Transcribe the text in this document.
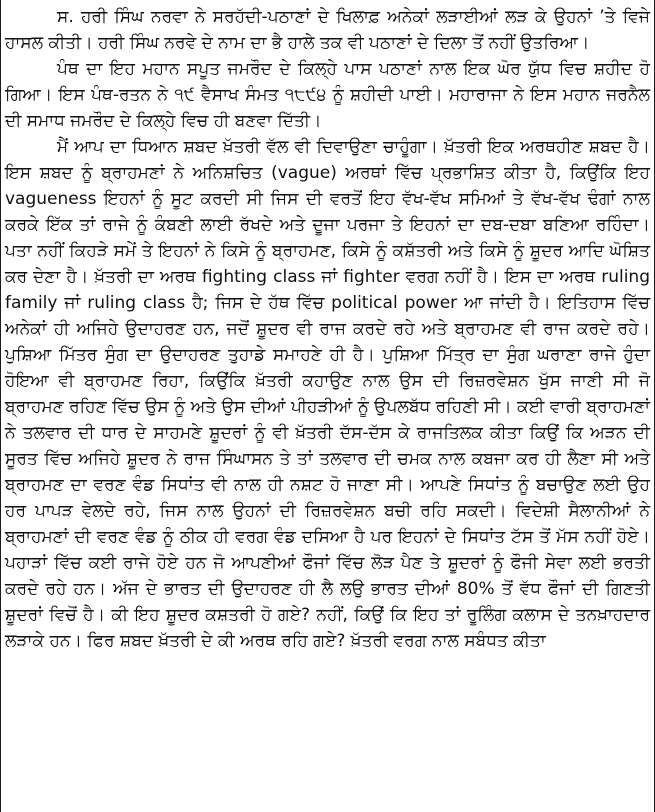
ਸ. ਹਰੀ ਸਿੰਘ ਨਰਵਾ ਨੇ ਸਰਹੱਦੀ-ਪਠਾਣਾਂ ਦੇ ਖਿਲਾਫ਼ ਅਨੇਕਾਂ ਲੜਾਈਆਂ ਲੜ ਕੇ ਉਹਨਾਂ ’ਤੇ ਵਿਜੇ ਹਾਸਲ ਕੀਤੀ। ਹਰੀ ਸਿੰਘ ਨਰਵੇ ਦੇ ਨਾਮ ਦਾ ਭੈ ਹਾਲੇ ਤਕ ਵੀ ਪਠਾਣਾਂ ਦੇ ਦਿਲਾ ਤੋਂ ਨਹੀਂ ਉਤਰਿਆ।

ਪੰਥ ਦਾ ਇਹ ਮਹਾਨ ਸਪੂਤ ਜਮਰੌਦ ਦੇ ਕਿਲ੍ਹੇ ਪਾਸ ਪਠਾਣਾਂ ਨਾਲ ਇਕ ਘੋਰ ਯੁੱਧ ਵਿਚ ਸ਼ਹੀਦ ਹੋ ਗਿਆ। ਇਸ ਪੰਥ-ਰਤਨ ਨੇ ੧੯ ਵੈਸਾਖ ਸੰਮਤ ੧੮੯੪ ਨੂੰ ਸ਼ਹੀਦੀ ਪਾਈ। ਮਹਾਰਾਜਾ ਨੇ ਇਸ ਮਹਾਨ ਜਰਨੈਲ ਦੀ ਸਮਾਧ ਜਮਰੌਦ ਦੇ ਕਿਲ੍ਹੇ ਵਿਚ ਹੀ ਬਣਵਾ ਦਿੱਤੀ।

ਮੈਂ ਆਪ ਦਾ ਧਿਆਨ ਸ਼ਬਦ ਖ਼ੱਤਰੀ ਵੱਲ ਵੀ ਦਿਵਾਉਣਾ ਚਾਹੂੰਗਾ। ਖ਼ੱਤਰੀ ਇਕ ਅਰਥਹੀਣ ਸ਼ਬਦ ਹੈ। ਇਸ ਸ਼ਬਦ ਨੂੰ ਬ੍ਰਾਹਮਣਾਂ ਨੇ ਅਨਿਸ਼ਚਿਤ (vague) ਅਰਥਾਂ ਵਿੱਚ ਪ੍ਰਭਾਸ਼ਿਤ ਕੀਤਾ ਹੈ, ਕਿਉਂਕਿ ਇਹ vagueness ਇਹਨਾਂ ਨੂੰ ਸੂਟ ਕਰਦੀ ਸੀ ਜਿਸ ਦੀ ਵਰਤੋਂ ਇਹ ਵੱਖ-ਵੱਖ ਸਮਿਆਂ ਤੇ ਵੱਖ-ਵੱਖ ਢੰਗਾਂ ਨਾਲ ਕਰਕੇ ਇੱਕ ਤਾਂ ਰਾਜੇ ਨੂੰ ਕੰਬਣੀ ਲਾਈ ਰੱਖਦੇ ਅਤੇ ਦੂਜਾ ਪਰਜਾ ਤੇ ਇਹਨਾਂ ਦਾ ਦਬ-ਦਬਾ ਬਣਿਆ ਰਹਿੰਦਾ। ਪਤਾ ਨਹੀਂ ਕਿਹੜੇ ਸਮੇਂ ਤੇ ਇਹਨਾਂ ਨੇ ਕਿਸੇ ਨੂੰ ਬ੍ਰਾਹਮਣ, ਕਿਸੇ ਨੂੰ ਕਸ਼ੱਤਰੀ ਅਤੇ ਕਿਸੇ ਨੂੰ ਸ਼ੂਦਰ ਆਦਿ ਘੋਸ਼ਿਤ ਕਰ ਦੇਣਾ ਹੈ। ਖ਼ੱਤਰੀ ਦਾ ਅਰਥ fighting class ਜਾਂ fighter ਵਰਗ ਨਹੀਂ ਹੈ। ਇਸ ਦਾ ਅਰਥ ruling family ਜਾਂ ruling class ਹੈ; ਜਿਸ ਦੇ ਹੱਥ ਵਿੱਚ political power ਆ ਜਾਂਦੀ ਹੈ। ਇਤਿਹਾਸ ਵਿੱਚ ਅਨੇਕਾਂ ਹੀ ਅਜਿਹੇ ਉਦਾਹਰਣ ਹਨ, ਜਦੋਂ ਸ਼ੂਦਰ ਵੀ ਰਾਜ ਕਰਦੇ ਰਹੇ ਅਤੇ ਬ੍ਰਾਹਮਣ ਵੀ ਰਾਜ ਕਰਦੇ ਰਹੇ। ਪੁਸ਼ਿਆ ਮਿੱਤਰ ਸੁੰਗ ਦਾ ਉਦਾਹਰਣ ਤੁਹਾਡੇ ਸਮਾਹਣੇ ਹੀ ਹੈ। ਪੁਸ਼ਿਆ ਮਿੱਤ੍ਰ ਦਾ ਸੁੰਗ ਘਰਾਣਾ ਰਾਜੇ ਹੁੰਦਾ ਹੋਇਆ ਵੀ ਬ੍ਰਾਹਮਣ ਰਿਹਾ, ਕਿਉਂਕਿ ਖ਼ੱਤਰੀ ਕਹਾਉਣ ਨਾਲ ਉਸ ਦੀ ਰਿਜ਼ਰਵੇਸ਼ਨ ਖੁੱਸ ਜਾਣੀ ਸੀ ਜੋ ਬ੍ਰਾਹਮਣ ਰਹਿਣ ਵਿੱਚ ਉਸ ਨੂੰ ਅਤੇ ਉਸ ਦੀਆਂ ਪੀਹੜੀਆਂ ਨੂੰ ਉਪਲਬੱਧ ਰਹਿਣੀ ਸੀ। ਕਈ ਵਾਰੀ ਬ੍ਰਾਹਮਣਾਂ ਨੇ ਤਲਵਾਰ ਦੀ ਧਾਰ ਦੇ ਸਾਹਮਣੇ ਸ਼ੂਦਰਾਂ ਨੂੰ ਵੀ ਖ਼ੱਤਰੀ ਦੱਸ-ਦੱਸ ਕੇ ਰਾਜਤਿਲਕ ਕੀਤਾ ਕਿਉਂ ਕਿ ਅੜਨ ਦੀ ਸੂਰਤ ਵਿੱਚ ਅਜਿਹੇ ਸ਼ੂਦਰ ਨੇ ਰਾਜ ਸਿੰਘਾਸਨ ਤੇ ਤਾਂ ਤਲਵਾਰ ਦੀ ਚਮਕ ਨਾਲ ਕਬਜਾ ਕਰ ਹੀ ਲੈਣਾ ਸੀ ਅਤੇ ਬ੍ਰਾਹਮਣ ਦਾ ਵਰਣ ਵੰਡ ਸਿਧਾਂਤ ਵੀ ਨਾਲ ਹੀ ਨਸ਼ਟ ਹੋ ਜਾਣਾ ਸੀ। ਆਪਣੇ ਸਿਧਾਂਤ ਨੂੰ ਬਚਾਉਣ ਲਈ ਉਹ ਹਰ ਪਾਪੜ ਵੇਲਦੇ ਰਹੇ, ਜਿਸ ਨਾਲ ਉਹਨਾਂ ਦੀ ਰਿਜ਼ਰਵੇਸ਼ਨ ਬਚੀ ਰਹਿ ਸਕਦੀ। ਵਿਦੇਸ਼ੀ ਸੈਲਾਨੀਆਂ ਨੇ ਬ੍ਰਾਹਮਣਾਂ ਦੀ ਵਰਣ ਵੰਡ ਨੂੰ ਠੀਕ ਹੀ ਵਰਗ ਵੰਡ ਦਸਿਆ ਹੈ ਪਰ ਇਹਨਾਂ ਦੇ ਸਿਧਾਂਤ ਟੱਸ ਤੋਂ ਮੱਸ ਨਹੀਂ ਹੋਏ। ਪਹਾੜਾਂ ਵਿੱਚ ਕਈ ਰਾਜੇ ਹੋਏ ਹਨ ਜੋ ਆਪਣੀਆਂ ਫੌਜਾਂ ਵਿੱਚ ਲੋੜ ਪੈਣ ਤੇ ਸ਼ੂਦਰਾਂ ਨੂੰ ਫੌਜੀ ਸੇਵਾ ਲਈ ਭਰਤੀ ਕਰਦੇ ਰਹੇ ਹਨ। ਅੱਜ ਦੇ ਭਾਰਤ ਦੀ ਉਦਾਹਰਣ ਹੀ ਲੈ ਲਉ ਭਾਰਤ ਦੀਆਂ 80% ਤੋਂ ਵੱਧ ਫੌਜਾਂ ਦੀ ਗਿਣਤੀ ਸ਼ੂਦਰਾਂ ਵਿਚੋਂ ਹੈ। ਕੀ ਇਹ ਸ਼ੂਦਰ ਕਸ਼ਤਰੀ ਹੋ ਗਏ? ਨਹੀਂ, ਕਿਉਂ ਕਿ ਇਹ ਤਾਂ ਰੂਲਿੰਗ ਕਲਾਸ ਦੇ ਤਨਖ਼ਾਹਦਾਰ ਲੜਾਕੇ ਹਨ। ਫਿਰ ਸ਼ਬਦ ਖ਼ੱਤਰੀ ਦੇ ਕੀ ਅਰਥ ਰਹਿ ਗਏ? ਖ਼ੱਤਰੀ ਵਰਗ ਨਾਲ ਸਬੰਧਤ ਕੀਤਾ
